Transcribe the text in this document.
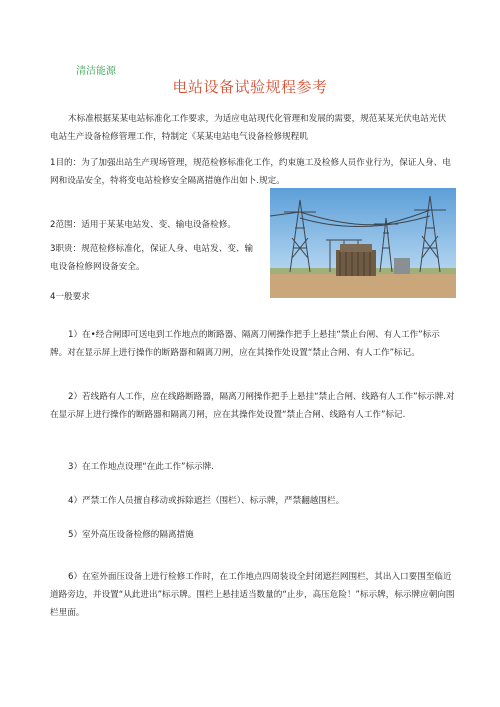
清洁能源
电站设备试验规程参考

木标准根据某某电站标准化工作要求，为适应电站现代化管理和发展的需要，规范某某光伏电站光伏电站生产设备检修管理工作，特制定《某某电站电气设备检修规程叽

1目的：为了加强出站生产现场管理，规范检修标准化工作，约束施工及检修人员作业行为，保证人身、电网和设品安全，特将变电站检修安全隔离措施作出如卜.规定。

2范围：适用于某某电站发、变、输电设备检修。

3职贵：规范检修标准化，保证人身、电站发、变、输电设备检修网设备安全。

4一般要求

1）在•经合闸即可送电到工作地点的断路器、隔离刀闸操作把手上悬挂“禁止台闸、有人工作”标示牌。对在显示屏上进行操作的断路器和隔离刀闸，应在其操作处设置“禁止合闸、有人工作”标记。

2）若线路有人工作，应在线路断路器，隔离刀闸操作把手上悬挂“禁止合闸、线路有人工作”标示牌.对在显示屏上进行操作的断路器和隔离刀闸，应在其操作处设置“禁止合闸、线路有人工作”标记.

3）在工作地点设理“在此工作”标示牌.

4）严禁工作人员擅自移动或拆除遮拦（围栏）、标示牌，严禁翻越围栏。

5）室外高压设备检修的隔离措施

6）在室外面压设备上进行检修工作时，在工作地点四周装设全封闭遮拦网围栏，其出入口要围至临近道路旁边，并设置“从此进出”标示牌。围栏上悬挂适当数量的“止步，高压危险！”标示牌，标示牌应朝向围栏里面。
